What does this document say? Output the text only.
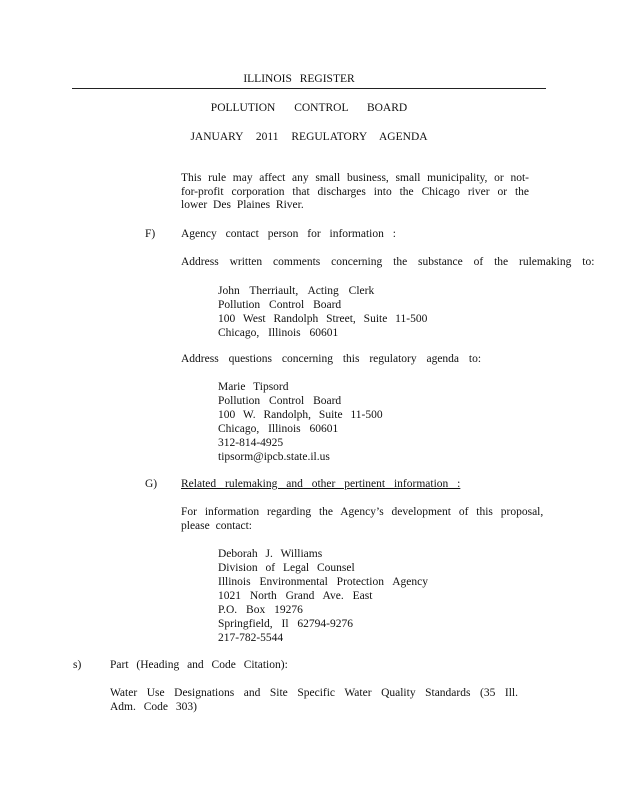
ILLINOIS REGISTER
POLLUTION CONTROL BOARD
JANUARY 2011 REGULATORY AGENDA
This rule may affect any small business, small municipality, or not-for-profit corporation that discharges into the Chicago river or the lower Des Plaines River.
F) Agency contact person for information :
Address written comments concerning the substance of the rulemaking to:
John Therriault, Acting Clerk
Pollution Control Board
100 West Randolph Street, Suite 11-500
Chicago, Illinois 60601
Address questions concerning this regulatory agenda to:
Marie Tipsord
Pollution Control Board
100 W. Randolph, Suite 11-500
Chicago, Illinois 60601
312-814-4925
tipsorm@ipcb.state.il.us
G) Related rulemaking and other pertinent information :
For information regarding the Agency’s development of this proposal,
please contact:
Deborah J. Williams
Division of Legal Counsel
Illinois Environmental Protection Agency
1021 North Grand Ave. East
P.O. Box 19276
Springfield, Il 62794-9276
217-782-5544
s) Part (Heading and Code Citation):
Water Use Designations and Site Specific Water Quality Standards (35 Ill. Adm. Code 303)
